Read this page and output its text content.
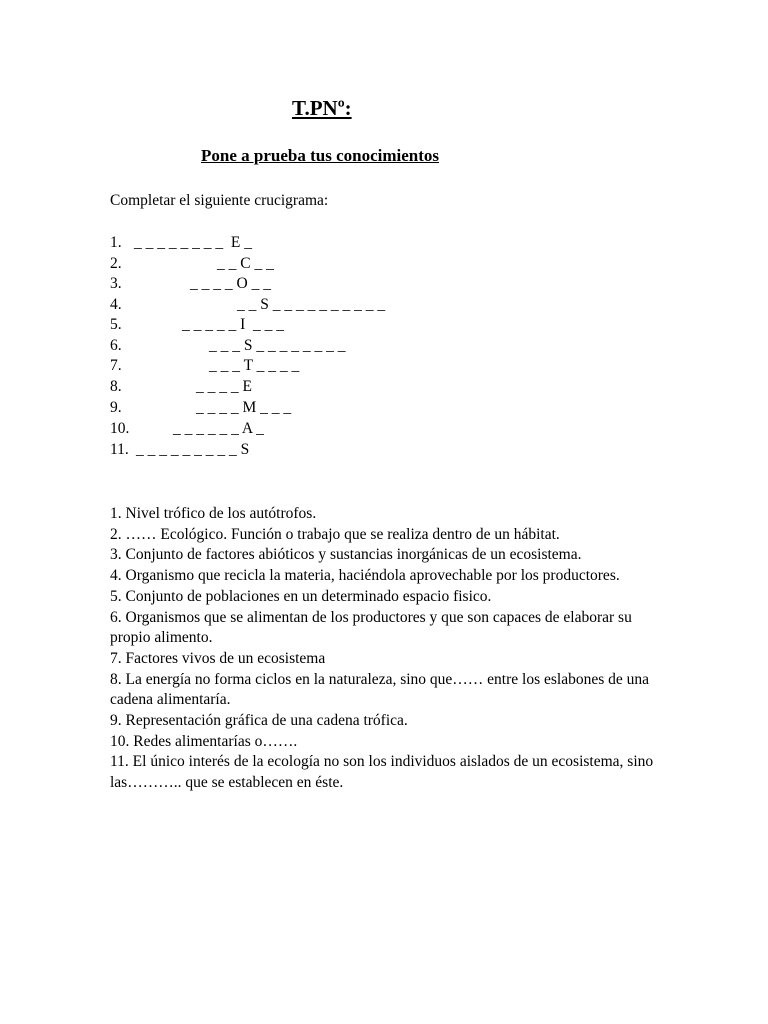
T.PNº:
Pone a prueba tus conocimientos
Completar el siguiente crucigrama:
1. _ _ _ _ _ _ _ _  E _
2.	_ _ C _ _
3.	_ _ _ _ O _ _
4.	_ _ S _ _ _ _ _ _ _ _ _ _
5.	_ _ _ _ _ I  _ _ _
6.	_ _ _ S _ _ _ _ _ _ _ _
7.	_ _ _ T _ _ _ _
8.	_ _ _ _ E
9.	_ _ _ _ M _ _ _
10.	_ _ _ _ _ _ A _
11. _ _ _ _ _ _ _ _ _ S
1. Nivel trófico de los autótrofos.
2. …… Ecológico. Función o trabajo que se realiza dentro de un hábitat.
3. Conjunto de factores abióticos y sustancias inorgánicas de un ecosistema.
4. Organismo que recicla la materia, haciéndola aprovechable por los productores.
5. Conjunto de poblaciones en un determinado espacio fisico.
6. Organismos que se alimentan de los productores y que son capaces de elaborar su propio alimento.
7. Factores vivos de un ecosistema
8. La energía no forma ciclos en la naturaleza, sino que…… entre los eslabones de una cadena alimentaría.
9. Representación gráfica de una cadena trófica.
10. Redes alimentarías o…….
11. El único interés de la ecología no son los individuos aislados de un ecosistema, sino las……….. que se establecen en éste.
